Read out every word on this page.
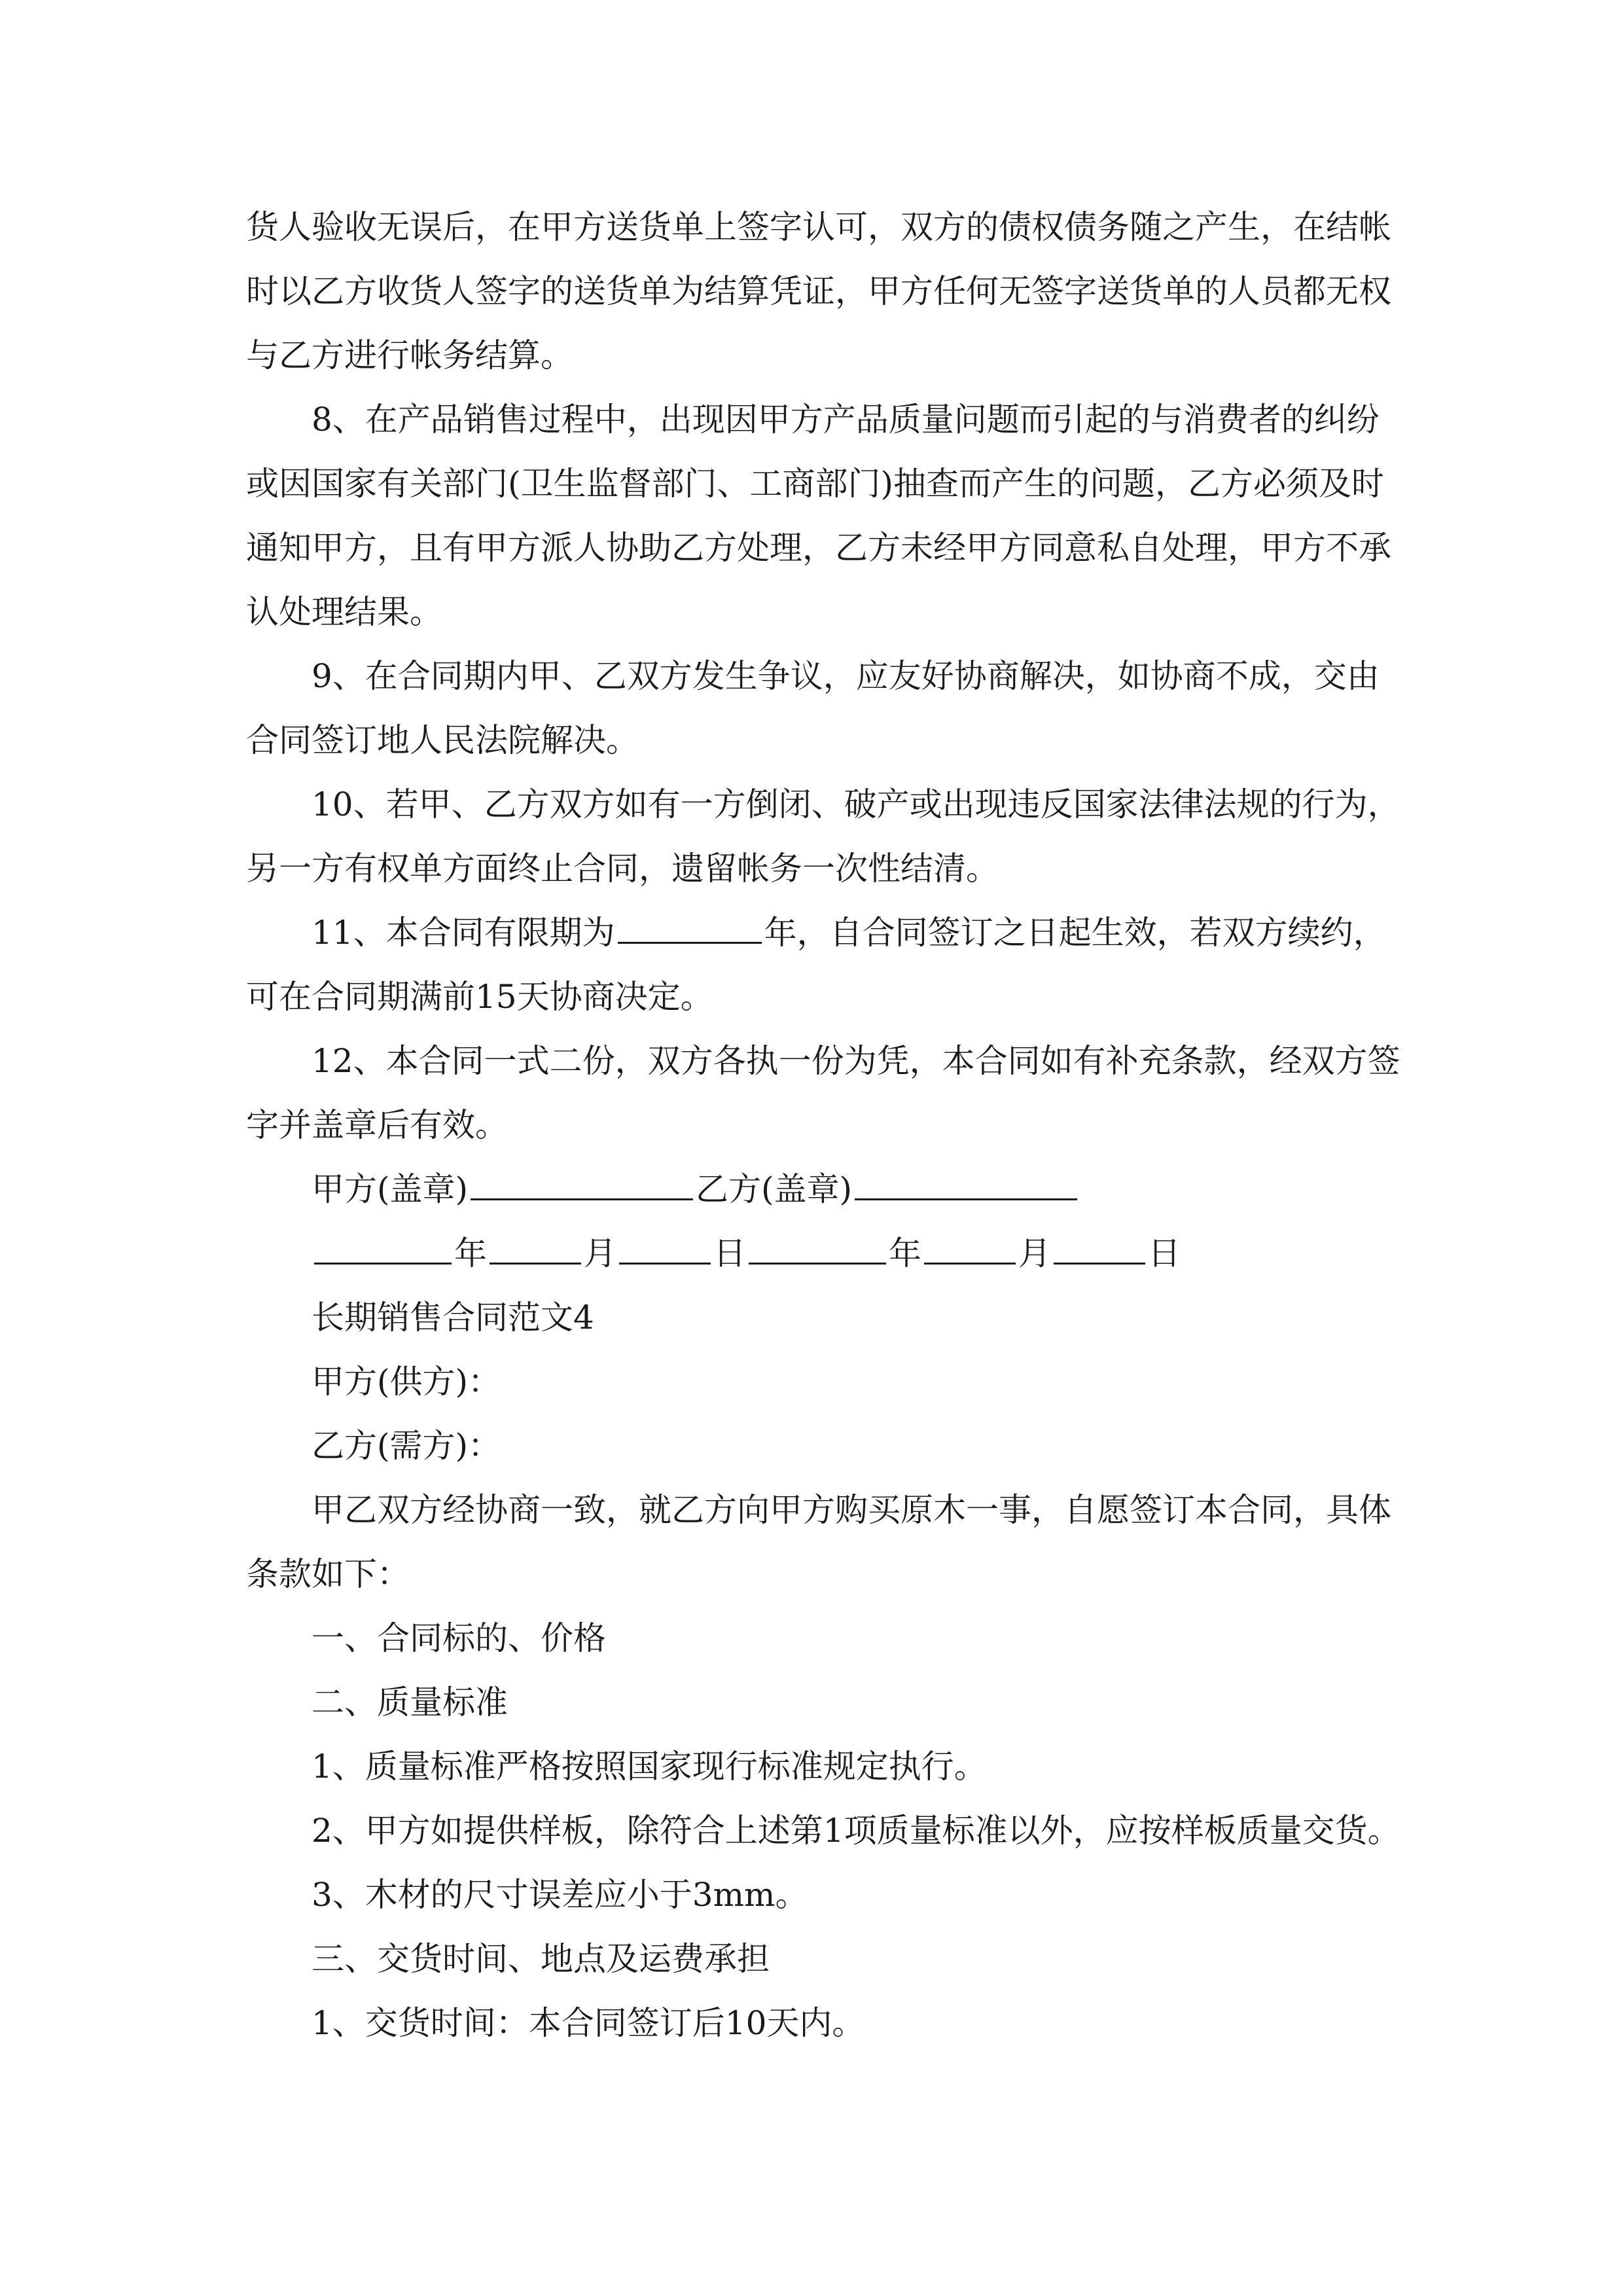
货人验收无误后，在甲方送货单上签字认可，双方的债权债务随之产生，在结帐
时以乙方收货人签字的送货单为结算凭证，甲方任何无签字送货单的人员都无权
与乙方进行帐务结算。
8、在产品销售过程中，出现因甲方产品质量问题而引起的与消费者的纠纷
或因国家有关部门(卫生监督部门、工商部门)抽查而产生的问题，乙方必须及时
通知甲方，且有甲方派人协助乙方处理，乙方未经甲方同意私自处理，甲方不承
认处理结果。
9、在合同期内甲、乙双方发生争议，应友好协商解决，如协商不成，交由
合同签订地人民法院解决。
10、若甲、乙方双方如有一方倒闭、破产或出现违反国家法律法规的行为，
另一方有权单方面终止合同，遗留帐务一次性结清。
11、本合同有限期为	年，自合同签订之日起生效，若双方续约，
可在合同期满前15天协商决定。
12、本合同一式二份，双方各执一份为凭，本合同如有补充条款，经双方签
字并盖章后有效。
甲方(盖章)	乙方(盖章)
年	月	日	年	月	日
长期销售合同范文4
甲方(供方)：
乙方(需方)：
甲乙双方经协商一致，就乙方向甲方购买原木一事，自愿签订本合同，具体
条款如下：
一、合同标的、价格
二、质量标准
1、质量标准严格按照国家现行标准规定执行。
2、甲方如提供样板，除符合上述第1项质量标准以外，应按样板质量交货。
3、木材的尺寸误差应小于3mm。
三、交货时间、地点及运费承担
1、交货时间：本合同签订后10天内。
